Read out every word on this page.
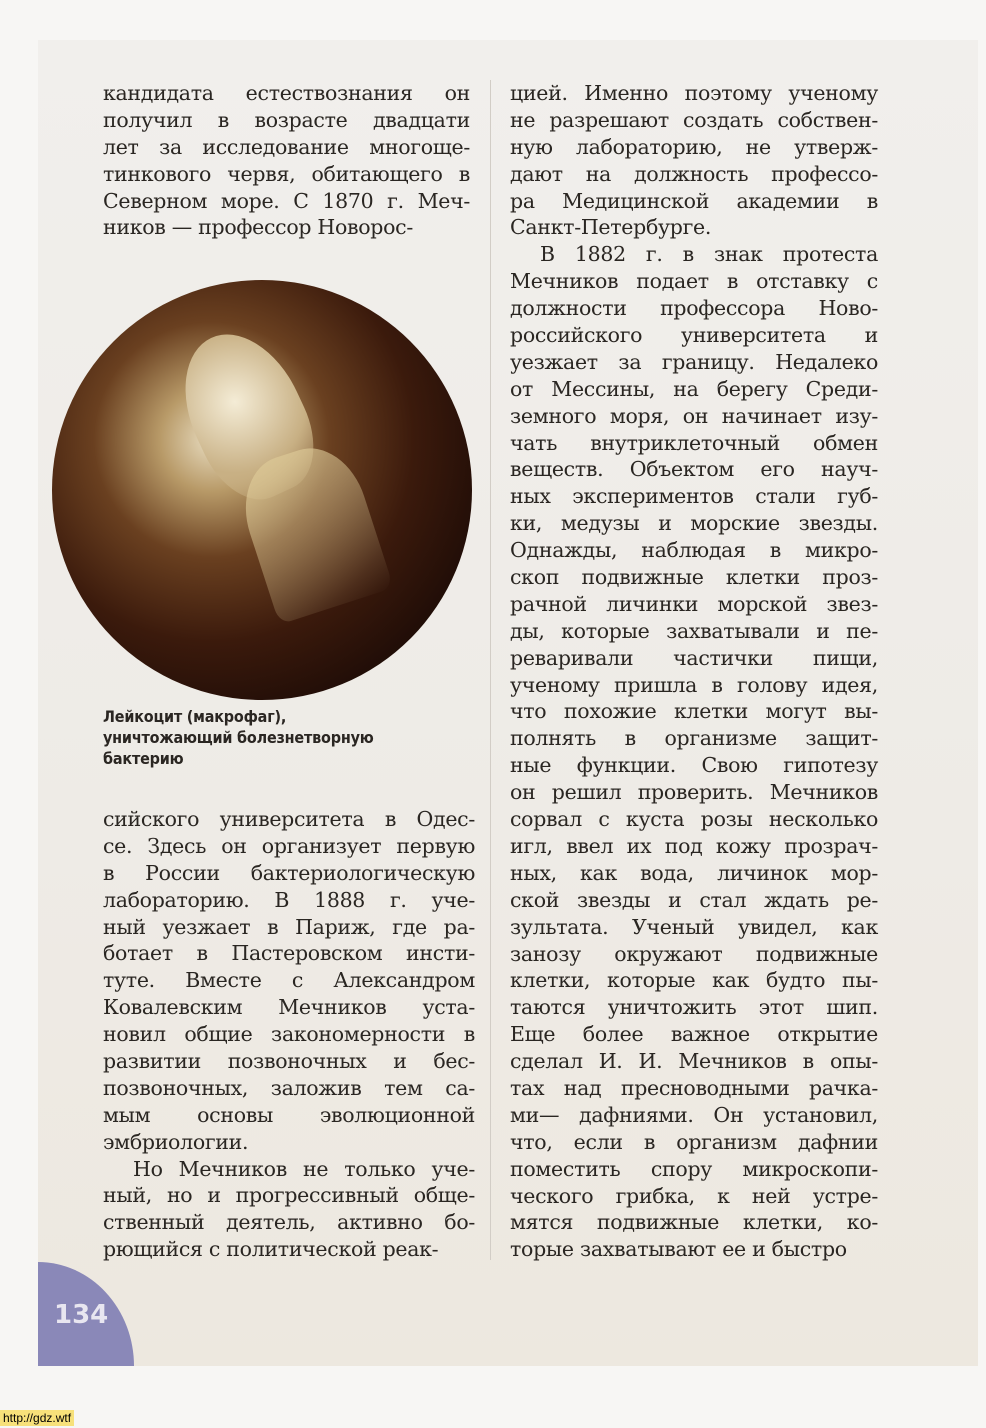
кандидата естествознания он
получил в возрасте двадцати
лет за исследование многоще-
тинкового червя, обитающего в
Северном море. С 1870 г. Меч-
ников — профессор Новорос-
Лейкоцит (макрофаг),
уничтожающий болезнетворную
бактерию
сийского университета в Одес-
се. Здесь он организует первую
в России бактериологическую
лабораторию. В 1888 г. уче-
ный уезжает в Париж, где ра-
ботает в Пастеровском инсти-
туте. Вместе с Александром
Ковалевским Мечников уста-
новил общие закономерности в
развитии позвоночных и бес-
позвоночных, заложив тем са-
мым основы эволюционной
эмбриологии.
Но Мечников не только уче-
ный, но и прогрессивный обще-
ственный деятель, активно бо-
рющийся с политической реак-
цией. Именно поэтому ученому
не разрешают создать собствен-
ную лабораторию, не утверж-
дают на должность профессо-
ра Медицинской академии в
Санкт-Петербурге.
В 1882 г. в знак протеста
Мечников подает в отставку с
должности профессора Ново-
российского университета и
уезжает за границу. Недалеко
от Мессины, на берегу Среди-
земного моря, он начинает изу-
чать внутриклеточный обмен
веществ. Объектом его науч-
ных экспериментов стали губ-
ки, медузы и морские звезды.
Однажды, наблюдая в микро-
скоп подвижные клетки проз-
рачной личинки морской звез-
ды, которые захватывали и пе-
реваривали частички пищи,
ученому пришла в голову идея,
что похожие клетки могут вы-
полнять в организме защит-
ные функции. Свою гипотезу
он решил проверить. Мечников
сорвал с куста розы несколько
игл, ввел их под кожу прозрач-
ных, как вода, личинок мор-
ской звезды и стал ждать ре-
зультата. Ученый увидел, как
занозу окружают подвижные
клетки, которые как будто пы-
таются уничтожить этот шип.
Еще более важное открытие
сделал И. И. Мечников в опы-
тах над пресноводными рачка-
ми— дафниями. Он установил,
что, если в организм дафнии
поместить спору микроскопи-
ческого грибка, к ней устре-
мятся подвижные клетки, ко-
торые захватывают ее и быстро
134
http://gdz.wtf
